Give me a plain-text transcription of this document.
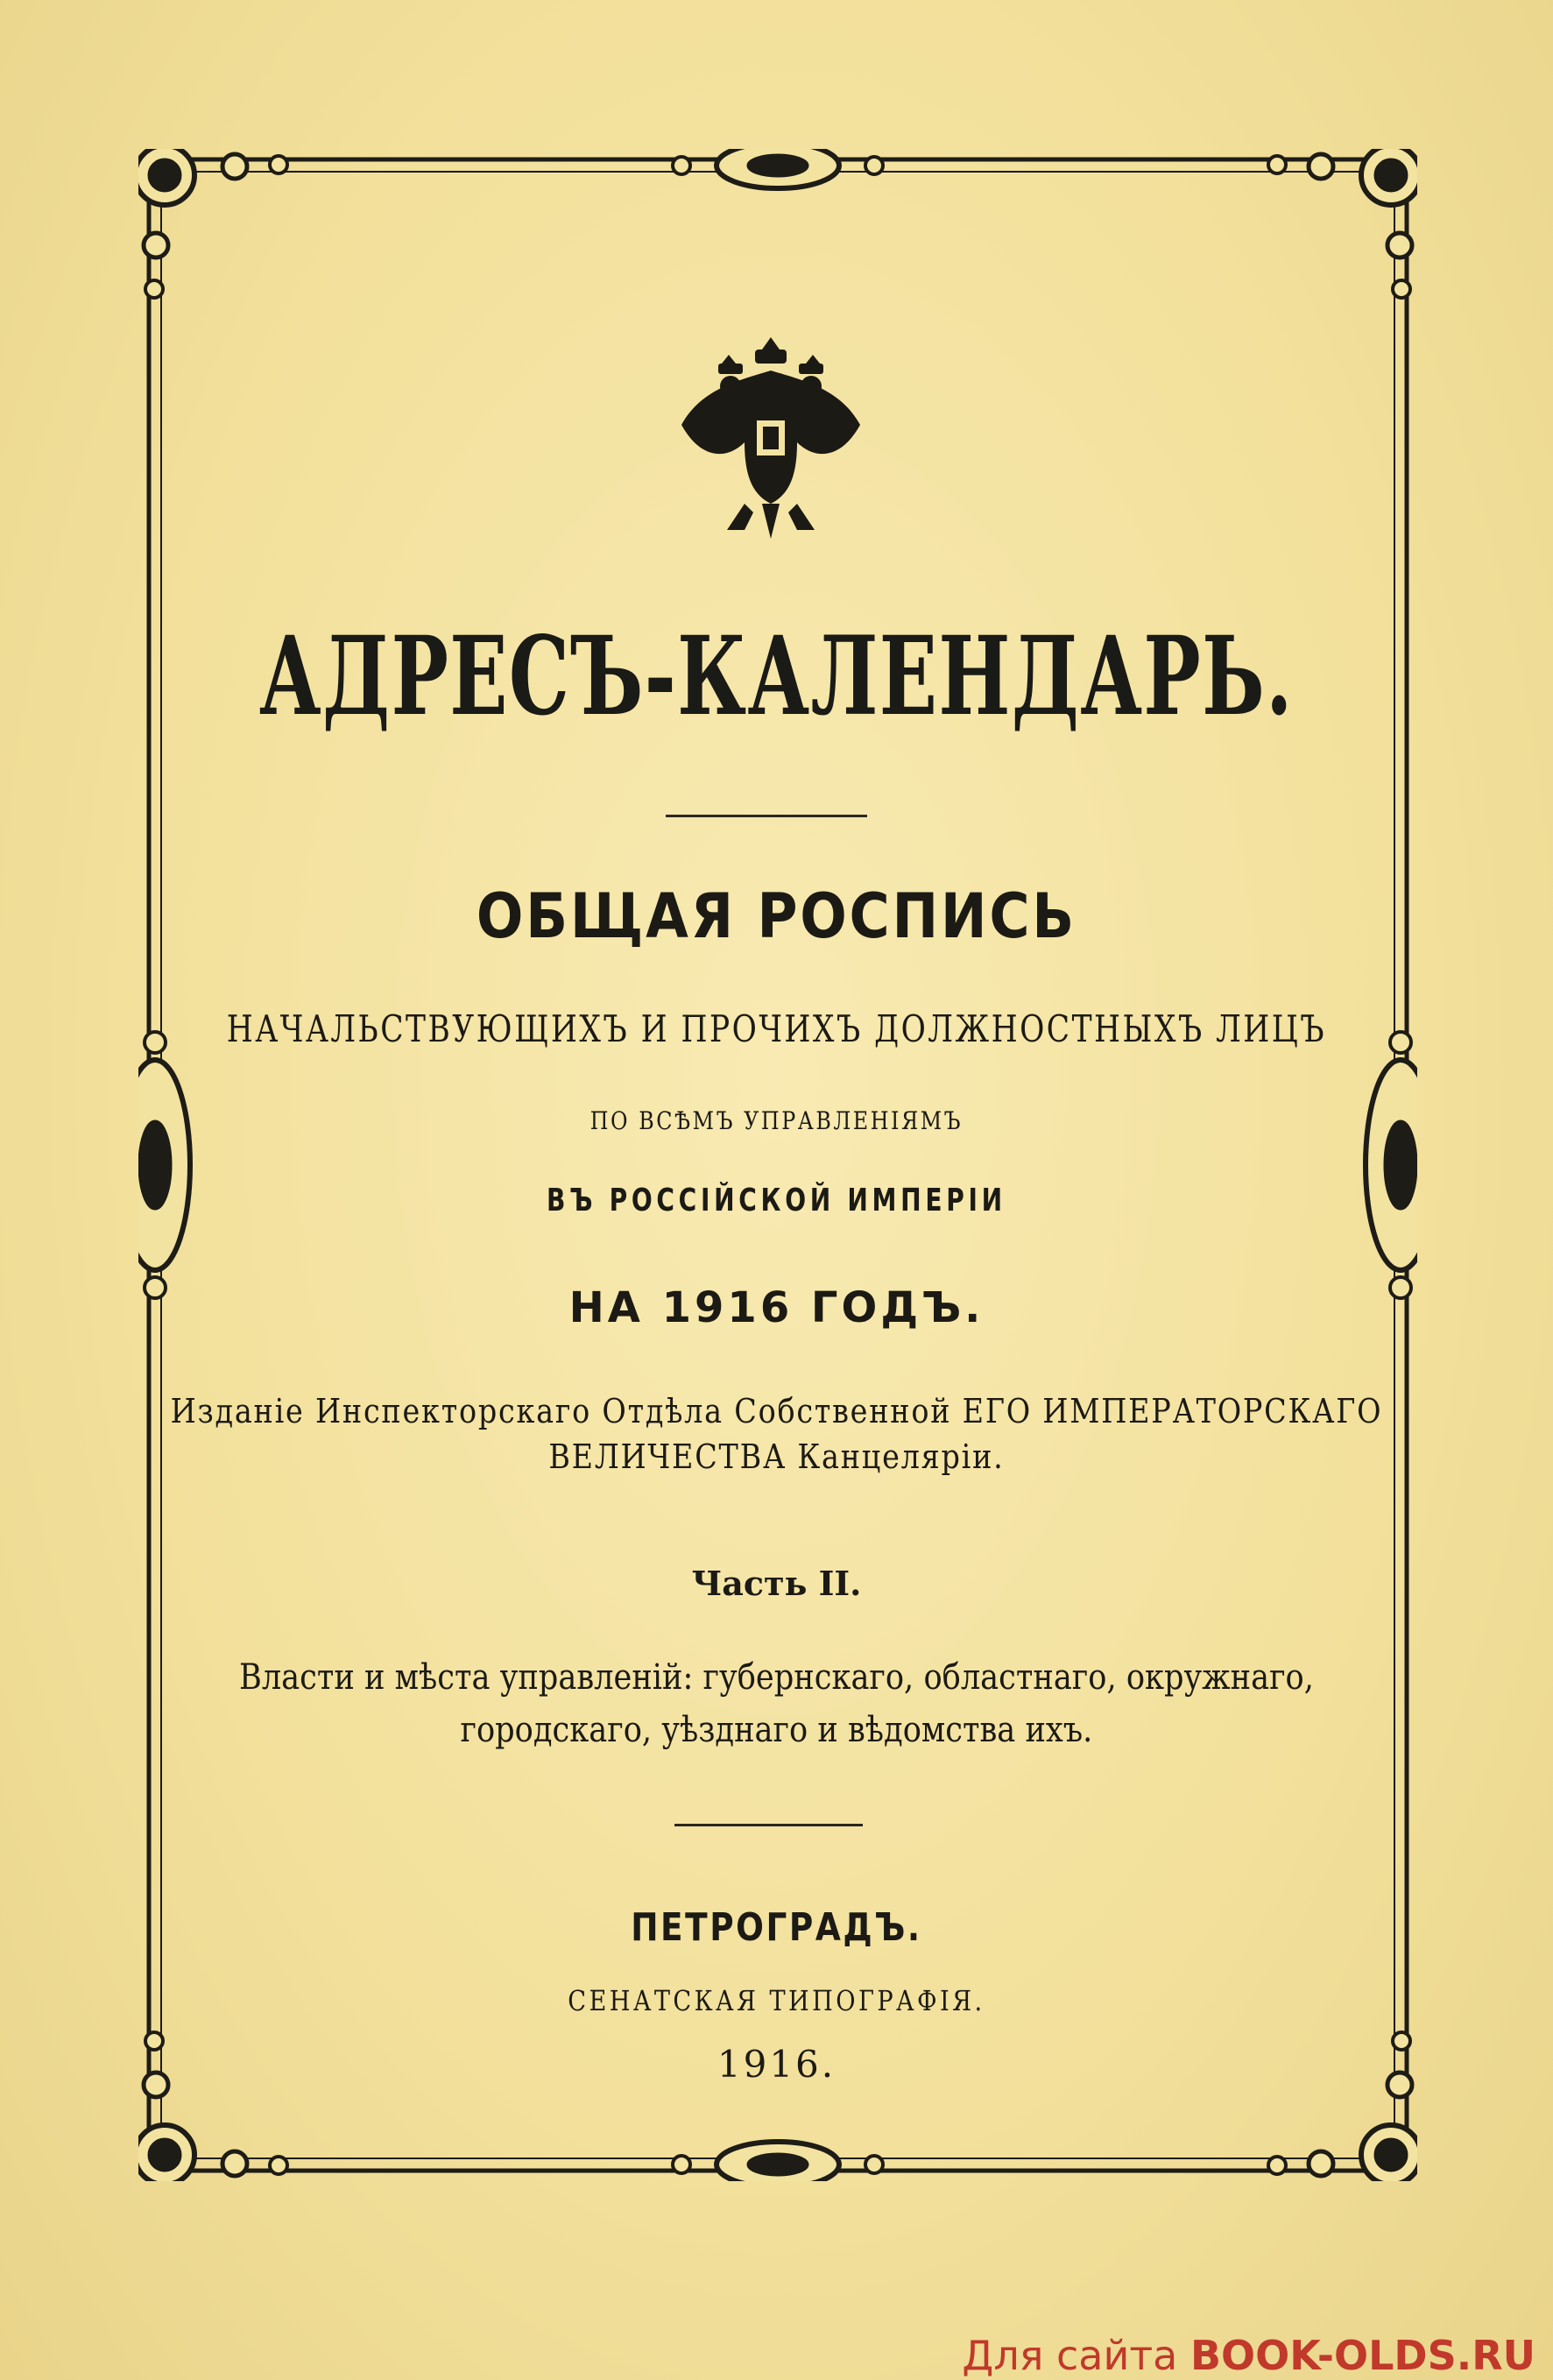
АДРЕСЪ-КАЛЕНДАРЬ.
ОБЩАЯ РОСПИСЬ
НАЧАЛЬСТВУЮЩИХЪ И ПРОЧИХЪ ДОЛЖНОСТНЫХЪ ЛИЦЪ
ПО ВСѢМЪ УПРАВЛЕНІЯМЪ
ВЪ РОССІЙСКОЙ ИМПЕРІИ
НА 1916 ГОДЪ.
Изданіе Инспекторскаго Отдѣла Собственной ЕГО ИМПЕРАТОРСКАГО
ВЕЛИЧЕСТВА Канцеляріи.
Часть II.
Власти и мѣста управленій: губернскаго, областнаго, окружнаго,
городскаго, уѣзднаго и вѣдомства ихъ.
ПЕТРОГРАДЪ.
СЕНАТСКАЯ ТИПОГРАФІЯ.
1916.
Для сайта BOOK-OLDS.RU
